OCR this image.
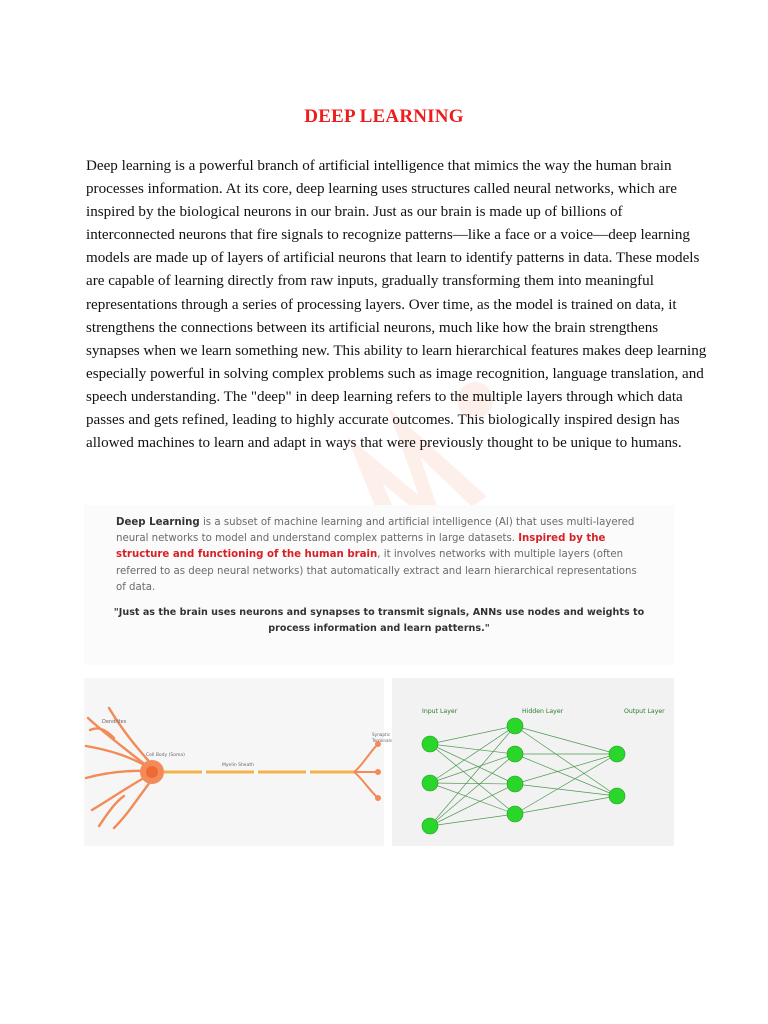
DEEP LEARNING
Deep learning is a powerful branch of artificial intelligence that mimics the way the human brain
processes information. At its core, deep learning uses structures called neural networks, which are
inspired by the biological neurons in our brain. Just as our brain is made up of billions of
interconnected neurons that fire signals to recognize patterns—like a face or a voice—deep learning
models are made up of layers of artificial neurons that learn to identify patterns in data. These models
are capable of learning directly from raw inputs, gradually transforming them into meaningful
representations through a series of processing layers. Over time, as the model is trained on data, it
strengthens the connections between its artificial neurons, much like how the brain strengthens
synapses when we learn something new. This ability to learn hierarchical features makes deep learning
especially powerful in solving complex problems such as image recognition, language translation, and
speech understanding. The "deep" in deep learning refers to the multiple layers through which data
passes and gets refined, leading to highly accurate outcomes. This biologically inspired design has
allowed machines to learn and adapt in ways that were previously thought to be unique to humans.
Deep Learning is a subset of machine learning and artificial intelligence (AI) that uses multi-layered neural networks to model and understand complex patterns in large datasets. Inspired by the structure and functioning of the human brain, it involves networks with multiple layers (often referred to as deep neural networks) that automatically extract and learn hierarchical representations of data.
"Just as the brain uses neurons and synapses to transmit signals, ANNs use nodes and weights to process information and learn patterns."
Dendrites
Cell Body (Soma)
Myelin Sheath
Synaptic
Terminals
Input Layer	Hidden Layer	Output Layer
